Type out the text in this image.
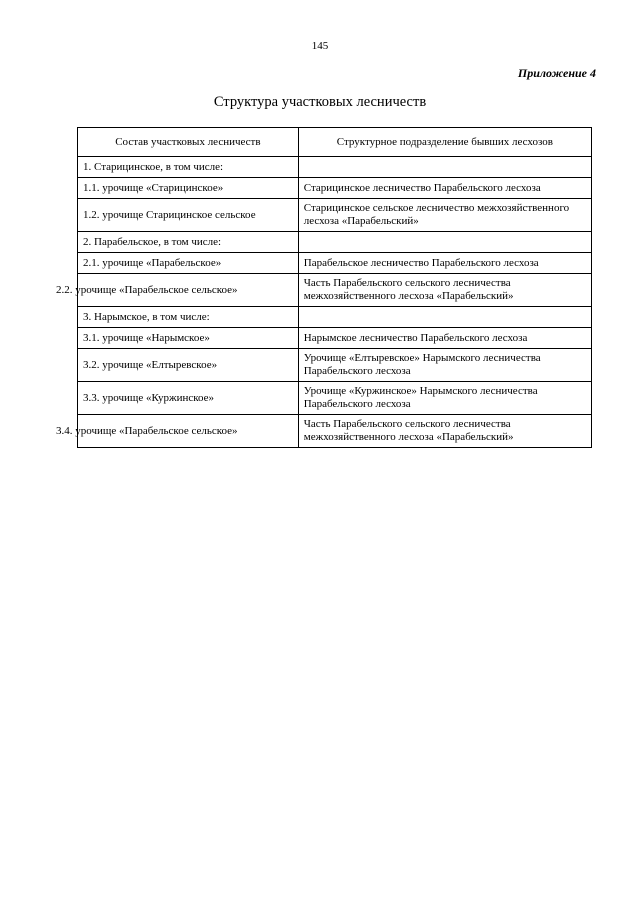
145
Приложение 4
Структура участковых лесничеств
Состав участковых лесничеств	Структурное подразделение бывших лесхозов
1. Старицинское, в том числе:	
1.1. урочище «Старицинское»	Старицинское лесничество Парабельского лесхоза
1.2. урочище Старицинское сельское	Старицинское сельское лесничество межхозяйственного лесхоза «Парабельский»
2. Парабельское, в том числе:	
2.1. урочище «Парабельское»	Парабельское лесничество Парабельского лесхоза
2.2. урочище «Парабельское сельское»	Часть Парабельского сельского лесничества межхозяйственного лесхоза «Парабельский»
3. Нарымское, в том числе:	
3.1. урочище «Нарымское»	Нарымское лесничество Парабельского лесхоза
3.2. урочище «Елтыревское»	Урочище «Елтыревское» Нарымского лесничества Парабельского лесхоза
3.3. урочище «Куржинское»	Урочище «Куржинское» Нарымского лесничества Парабельского лесхоза
3.4. урочище «Парабельское сельское»	Часть Парабельского сельского лесничества межхозяйственного лесхоза «Парабельский»
